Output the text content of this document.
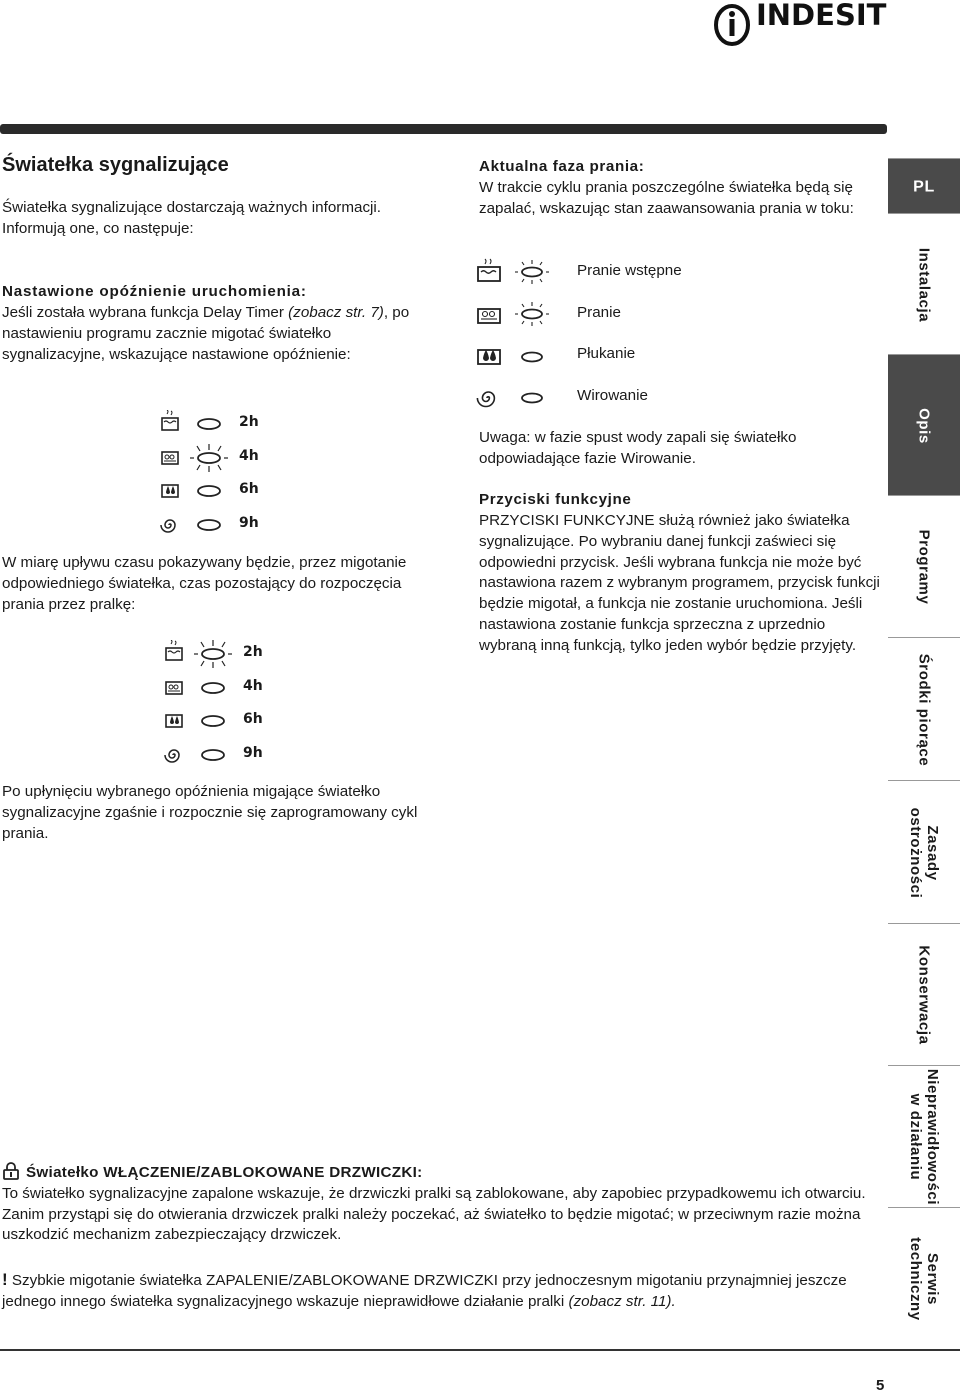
INDESIT
Światełka sygnalizujące
Światełka sygnalizujące dostarczają ważnych informacji. Informują one, co następuje:
Nastawione opóźnienie uruchomienia:
Jeśli została wybrana funkcja Delay Timer (zobacz str. 7), po nastawieniu programu zacznie migotać światełko sygnalizacyjne, wskazujące nastawione opóźnienie:
2h
4h
6h
9h
W miarę upływu czasu pokazywany będzie, przez migotanie odpowiedniego światełka, czas pozostający do rozpoczęcia prania przez pralkę:
2h
4h
6h
9h
Po upłynięciu wybranego opóźnienia migające światełko sygnalizacyjne zgaśnie i rozpocznie się zaprogramowany cykl prania.
Aktualna faza prania:
W trakcie cyklu prania poszczególne światełka będą się zapalać, wskazując stan zaawansowania prania w toku:
Pranie wstępne
Pranie
Płukanie
Wirowanie
Uwaga: w fazie spust wody zapali się światełko odpowiadające fazie Wirowanie.
Przyciski funkcyjne
PRZYCISKI FUNKCYJNE służą również jako światełka sygnalizujące. Po wybraniu danej funkcji zaświeci się odpowiedni przycisk. Jeśli wybrana funkcja nie może być nastawiona razem z wybranym programem, przycisk funkcji będzie migotał, a funkcja nie zostanie uruchomiona. Jeśli nastawiona zostanie funkcja sprzeczna z uprzednio wybraną inną funkcją, tylko jeden wybór będzie przyjęty.
PL
Instalacja
Opis
Programy
Środki piorące
Zasady
ostrożności
Konserwacja
Nieprawidłowości
w działaniu
Serwis
techniczny
Światełko WŁĄCZENIE/ZABLOKOWANE DRZWICZKI:
To światełko sygnalizacyjne zapalone wskazuje, że drzwiczki pralki są zablokowane, aby zapobiec przypadkowemu ich otwarciu. Zanim przystąpi się do otwierania drzwiczek pralki należy poczekać, aż światełko to będzie migotać; w przeciwnym razie można uszkodzić mechanizm zabezpieczający drzwiczek.
! Szybkie migotanie światełka ZAPALENIE/ZABLOKOWANE DRZWICZKI przy jednoczesnym migotaniu przynajmniej jeszcze jednego innego światełka sygnalizacyjnego wskazuje nieprawidłowe działanie pralki (zobacz str. 11).
5
